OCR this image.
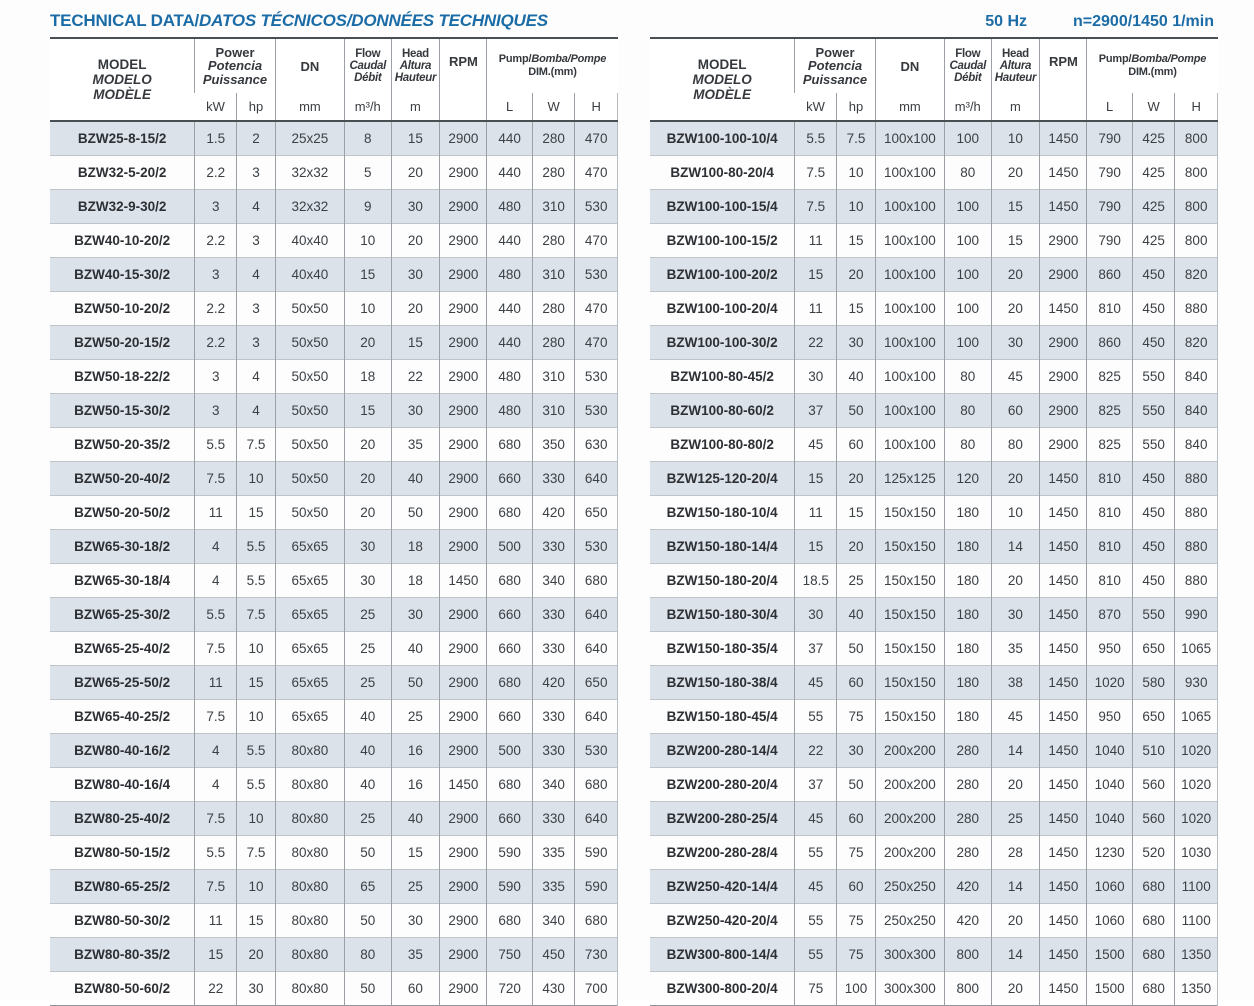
TECHNICAL DATA/DATOS TÉCNICOS/DONNÉES TECHNIQUES	50 Hz	n=2900/1450 1/min
MODEL
MODELO
MODÈLE

Power
Potencia
Puissance
	DN	
Flow
Caudal
Débit

Head
Altura
Hauteur
	RPM	Pump/Bomba/Pompe
DIM.(mm)

	kW	hp	mm	m³/h	m		L	W	H
BZW25-8-15/2	1.5	2	25x25	8	15	2900	440	280	470
BZW32-5-20/2	2.2	3	32x32	5	20	2900	440	280	470
BZW32-9-30/2	3	4	32x32	9	30	2900	480	310	530
BZW40-10-20/2	2.2	3	40x40	10	20	2900	440	280	470
BZW40-15-30/2	3	4	40x40	15	30	2900	480	310	530
BZW50-10-20/2	2.2	3	50x50	10	20	2900	440	280	470
BZW50-20-15/2	2.2	3	50x50	20	15	2900	440	280	470
BZW50-18-22/2	3	4	50x50	18	22	2900	480	310	530
BZW50-15-30/2	3	4	50x50	15	30	2900	480	310	530
BZW50-20-35/2	5.5	7.5	50x50	20	35	2900	680	350	630
BZW50-20-40/2	7.5	10	50x50	20	40	2900	660	330	640
BZW50-20-50/2	11	15	50x50	20	50	2900	680	420	650
BZW65-30-18/2	4	5.5	65x65	30	18	2900	500	330	530
BZW65-30-18/4	4	5.5	65x65	30	18	1450	680	340	680
BZW65-25-30/2	5.5	7.5	65x65	25	30	2900	660	330	640
BZW65-25-40/2	7.5	10	65x65	25	40	2900	660	330	640
BZW65-25-50/2	11	15	65x65	25	50	2900	680	420	650
BZW65-40-25/2	7.5	10	65x65	40	25	2900	660	330	640
BZW80-40-16/2	4	5.5	80x80	40	16	2900	500	330	530
BZW80-40-16/4	4	5.5	80x80	40	16	1450	680	340	680
BZW80-25-40/2	7.5	10	80x80	25	40	2900	660	330	640
BZW80-50-15/2	5.5	7.5	80x80	50	15	2900	590	335	590
BZW80-65-25/2	7.5	10	80x80	65	25	2900	590	335	590
BZW80-50-30/2	11	15	80x80	50	30	2900	680	340	680
BZW80-80-35/2	15	20	80x80	80	35	2900	750	450	730
BZW80-50-60/2	22	30	80x80	50	60	2900	720	430	700
MODEL
MODELO
MODÈLE

Power
Potencia
Puissance
	DN	
Flow
Caudal
Débit

Head
Altura
Hauteur
	RPM	Pump/Bomba/Pompe
DIM.(mm)

	kW	hp	mm	m³/h	m		L	W	H
BZW100-100-10/4	5.5	7.5	100x100	100	10	1450	790	425	800
BZW100-80-20/4	7.5	10	100x100	80	20	1450	790	425	800
BZW100-100-15/4	7.5	10	100x100	100	15	1450	790	425	800
BZW100-100-15/2	11	15	100x100	100	15	2900	790	425	800
BZW100-100-20/2	15	20	100x100	100	20	2900	860	450	820
BZW100-100-20/4	11	15	100x100	100	20	1450	810	450	880
BZW100-100-30/2	22	30	100x100	100	30	2900	860	450	820
BZW100-80-45/2	30	40	100x100	80	45	2900	825	550	840
BZW100-80-60/2	37	50	100x100	80	60	2900	825	550	840
BZW100-80-80/2	45	60	100x100	80	80	2900	825	550	840
BZW125-120-20/4	15	20	125x125	120	20	1450	810	450	880
BZW150-180-10/4	11	15	150x150	180	10	1450	810	450	880
BZW150-180-14/4	15	20	150x150	180	14	1450	810	450	880
BZW150-180-20/4	18.5	25	150x150	180	20	1450	810	450	880
BZW150-180-30/4	30	40	150x150	180	30	1450	870	550	990
BZW150-180-35/4	37	50	150x150	180	35	1450	950	650	1065
BZW150-180-38/4	45	60	150x150	180	38	1450	1020	580	930
BZW150-180-45/4	55	75	150x150	180	45	1450	950	650	1065
BZW200-280-14/4	22	30	200x200	280	14	1450	1040	510	1020
BZW200-280-20/4	37	50	200x200	280	20	1450	1040	560	1020
BZW200-280-25/4	45	60	200x200	280	25	1450	1040	560	1020
BZW200-280-28/4	55	75	200x200	280	28	1450	1230	520	1030
BZW250-420-14/4	45	60	250x250	420	14	1450	1060	680	1100
BZW250-420-20/4	55	75	250x250	420	20	1450	1060	680	1100
BZW300-800-14/4	55	75	300x300	800	14	1450	1500	680	1350
BZW300-800-20/4	75	100	300x300	800	20	1450	1500	680	1350
